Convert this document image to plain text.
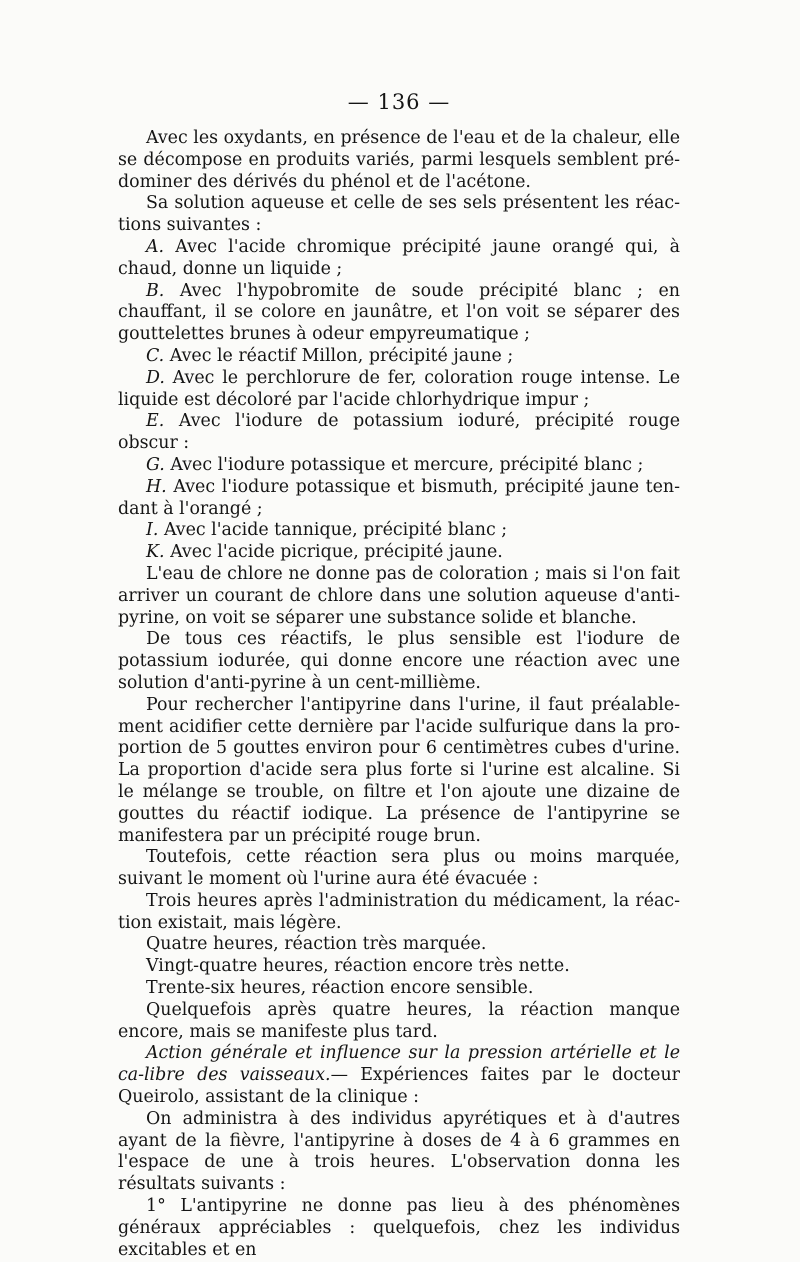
— 136 —

Avec les oxydants, en présence de l'eau et de la chaleur, elle se décompose en produits variés, parmi lesquels semblent pré-dominer des dérivés du phénol et de l'acétone.

Sa solution aqueuse et celle de ses sels présentent les réac-tions suivantes :

A. Avec l'acide chromique précipité jaune orangé qui, à chaud, donne un liquide ;

B. Avec l'hypobromite de soude précipité blanc ; en chauffant, il se colore en jaunâtre, et l'on voit se séparer des gouttelettes brunes à odeur empyreumatique ;

C. Avec le réactif Millon, précipité jaune ;

D. Avec le perchlorure de fer, coloration rouge intense. Le liquide est décoloré par l'acide chlorhydrique impur ;

E. Avec l'iodure de potassium ioduré, précipité rouge obscur :

G. Avec l'iodure potassique et mercure, précipité blanc ;

H. Avec l'iodure potassique et bismuth, précipité jaune ten-dant à l'orangé ;

I. Avec l'acide tannique, précipité blanc ;

K. Avec l'acide picrique, précipité jaune.

L'eau de chlore ne donne pas de coloration ; mais si l'on fait arriver un courant de chlore dans une solution aqueuse d'anti-pyrine, on voit se séparer une substance solide et blanche.

De tous ces réactifs, le plus sensible est l'iodure de potassium iodurée, qui donne encore une réaction avec une solution d'anti-pyrine à un cent-millième.

Pour rechercher l'antipyrine dans l'urine, il faut préalable-ment acidifier cette dernière par l'acide sulfurique dans la pro-portion de 5 gouttes environ pour 6 centimètres cubes d'urine. La proportion d'acide sera plus forte si l'urine est alcaline. Si le mélange se trouble, on filtre et l'on ajoute une dizaine de gouttes du réactif iodique. La présence de l'antipyrine se manifestera par un précipité rouge brun.

Toutefois, cette réaction sera plus ou moins marquée, suivant le moment où l'urine aura été évacuée :

Trois heures après l'administration du médicament, la réac-tion existait, mais légère.

Quatre heures, réaction très marquée.

Vingt-quatre heures, réaction encore très nette.

Trente-six heures, réaction encore sensible.

Quelquefois après quatre heures, la réaction manque encore, mais se manifeste plus tard.

Action générale et influence sur la pression artérielle et le ca-libre des vaisseaux.— Expériences faites par le docteur Queirolo, assistant de la clinique :

On administra à des individus apyrétiques et à d'autres ayant de la fièvre, l'antipyrine à doses de 4 à 6 grammes en l'espace de une à trois heures. L'observation donna les résultats suivants :

1° L'antipyrine ne donne pas lieu à des phénomènes généraux appréciables : quelquefois, chez les individus excitables et en
